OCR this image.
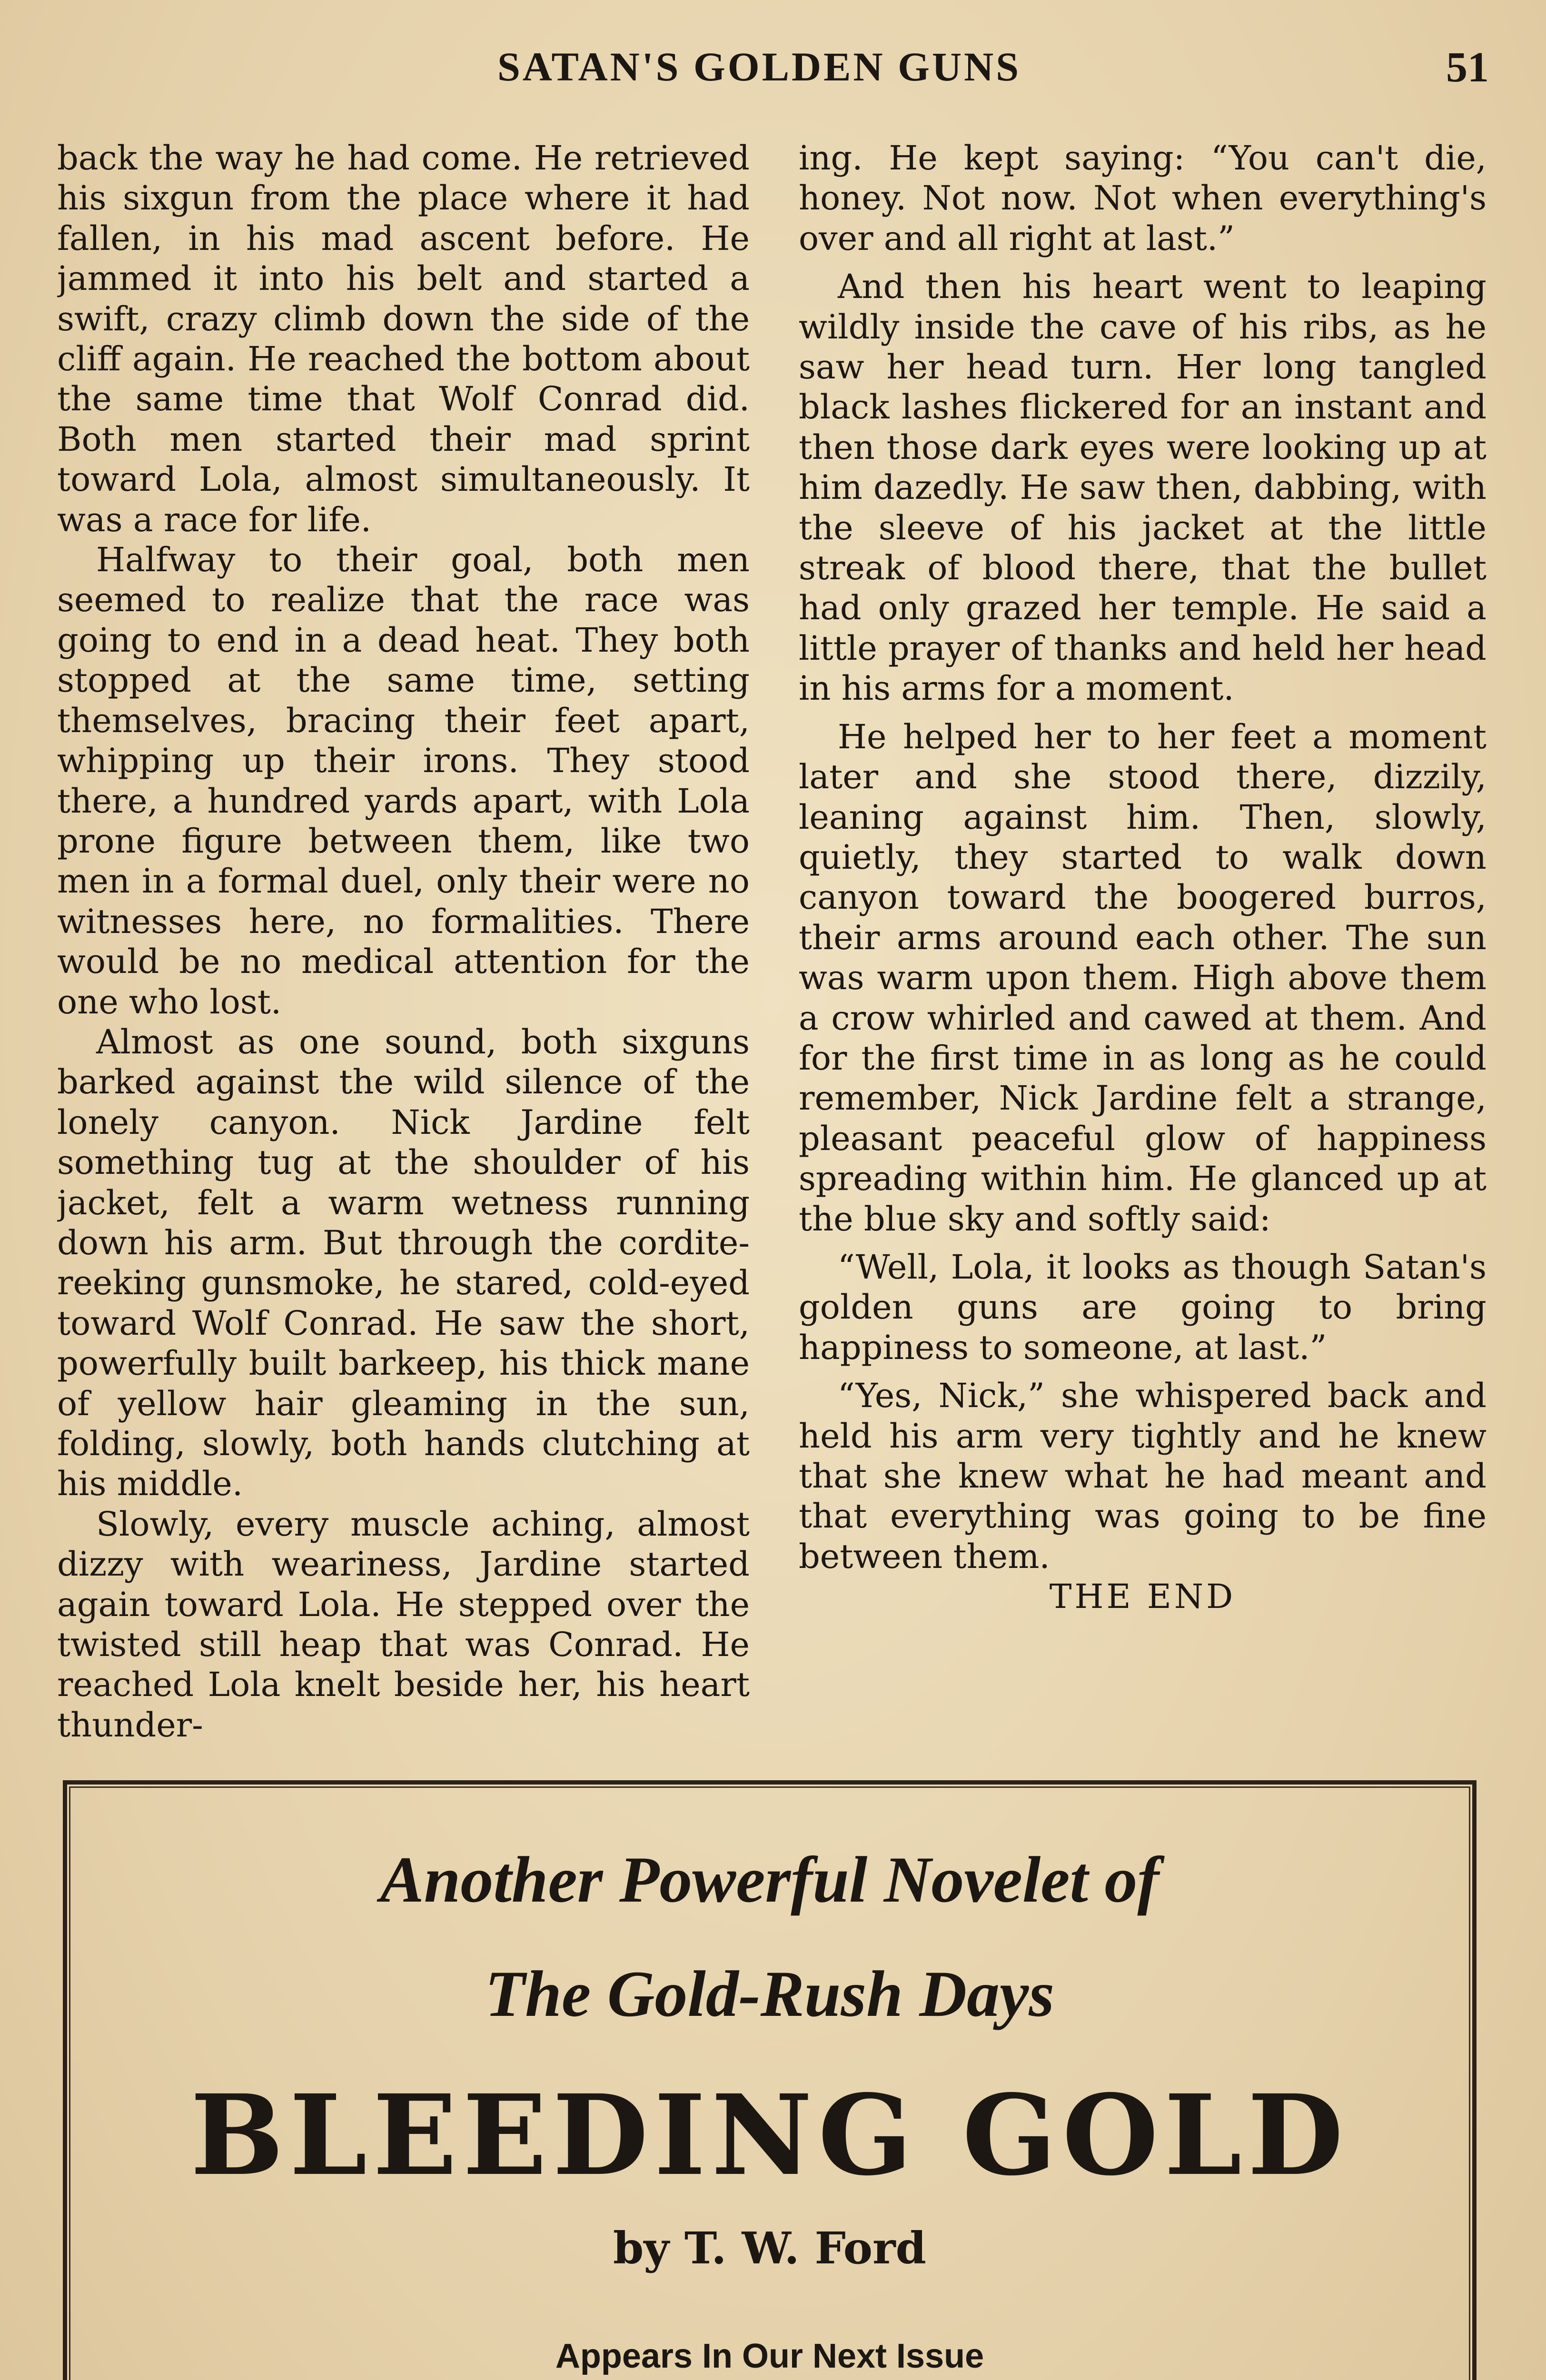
SATAN'S GOLDEN GUNS	51

back the way he had come. He retrieved his sixgun from the place where it had fallen, in his mad ascent before. He jammed it into his belt and started a swift, crazy climb down the side of the cliff again. He reached the bottom about the same time that Wolf Conrad did. Both men started their mad sprint toward Lola, almost simultaneously. It was a race for life.

Halfway to their goal, both men seemed to realize that the race was going to end in a dead heat. They both stopped at the same time, setting themselves, bracing their feet apart, whipping up their irons. They stood there, a hundred yards apart, with Lola prone figure between them, like two men in a formal duel, only their were no witnesses here, no formalities. There would be no medical attention for the one who lost.

Almost as one sound, both sixguns barked against the wild silence of the lonely canyon. Nick Jardine felt something tug at the shoulder of his jacket, felt a warm wetness running down his arm. But through the cordite-reeking gunsmoke, he stared, cold-eyed toward Wolf Conrad. He saw the short, powerfully built barkeep, his thick mane of yellow hair gleaming in the sun, folding, slowly, both hands clutching at his middle.

Slowly, every muscle aching, almost dizzy with weariness, Jardine started again toward Lola. He stepped over the twisted still heap that was Conrad. He reached Lola knelt beside her, his heart thunder-

ing. He kept saying: “You can't die, honey. Not now. Not when everything's over and all right at last.”

And then his heart went to leaping wildly inside the cave of his ribs, as he saw her head turn. Her long tangled black lashes flickered for an instant and then those dark eyes were looking up at him dazedly. He saw then, dabbing, with the sleeve of his jacket at the little streak of blood there, that the bullet had only grazed her temple. He said a little prayer of thanks and held her head in his arms for a moment.

He helped her to her feet a moment later and she stood there, dizzily, leaning against him. Then, slowly, quietly, they started to walk down canyon toward the boogered burros, their arms around each other. The sun was warm upon them. High above them a crow whirled and cawed at them. And for the first time in as long as he could remember, Nick Jardine felt a strange, pleasant peaceful glow of happiness spreading within him. He glanced up at the blue sky and softly said:

“Well, Lola, it looks as though Satan's golden guns are going to bring happiness to someone, at last.”

“Yes, Nick,” she whispered back and held his arm very tightly and he knew that she knew what he had meant and that everything was going to be fine between them.

THE END

Another Powerful Novelet of
The Gold-Rush Days
BLEEDING GOLD
by T. W. Ford
Appears In Our Next Issue
